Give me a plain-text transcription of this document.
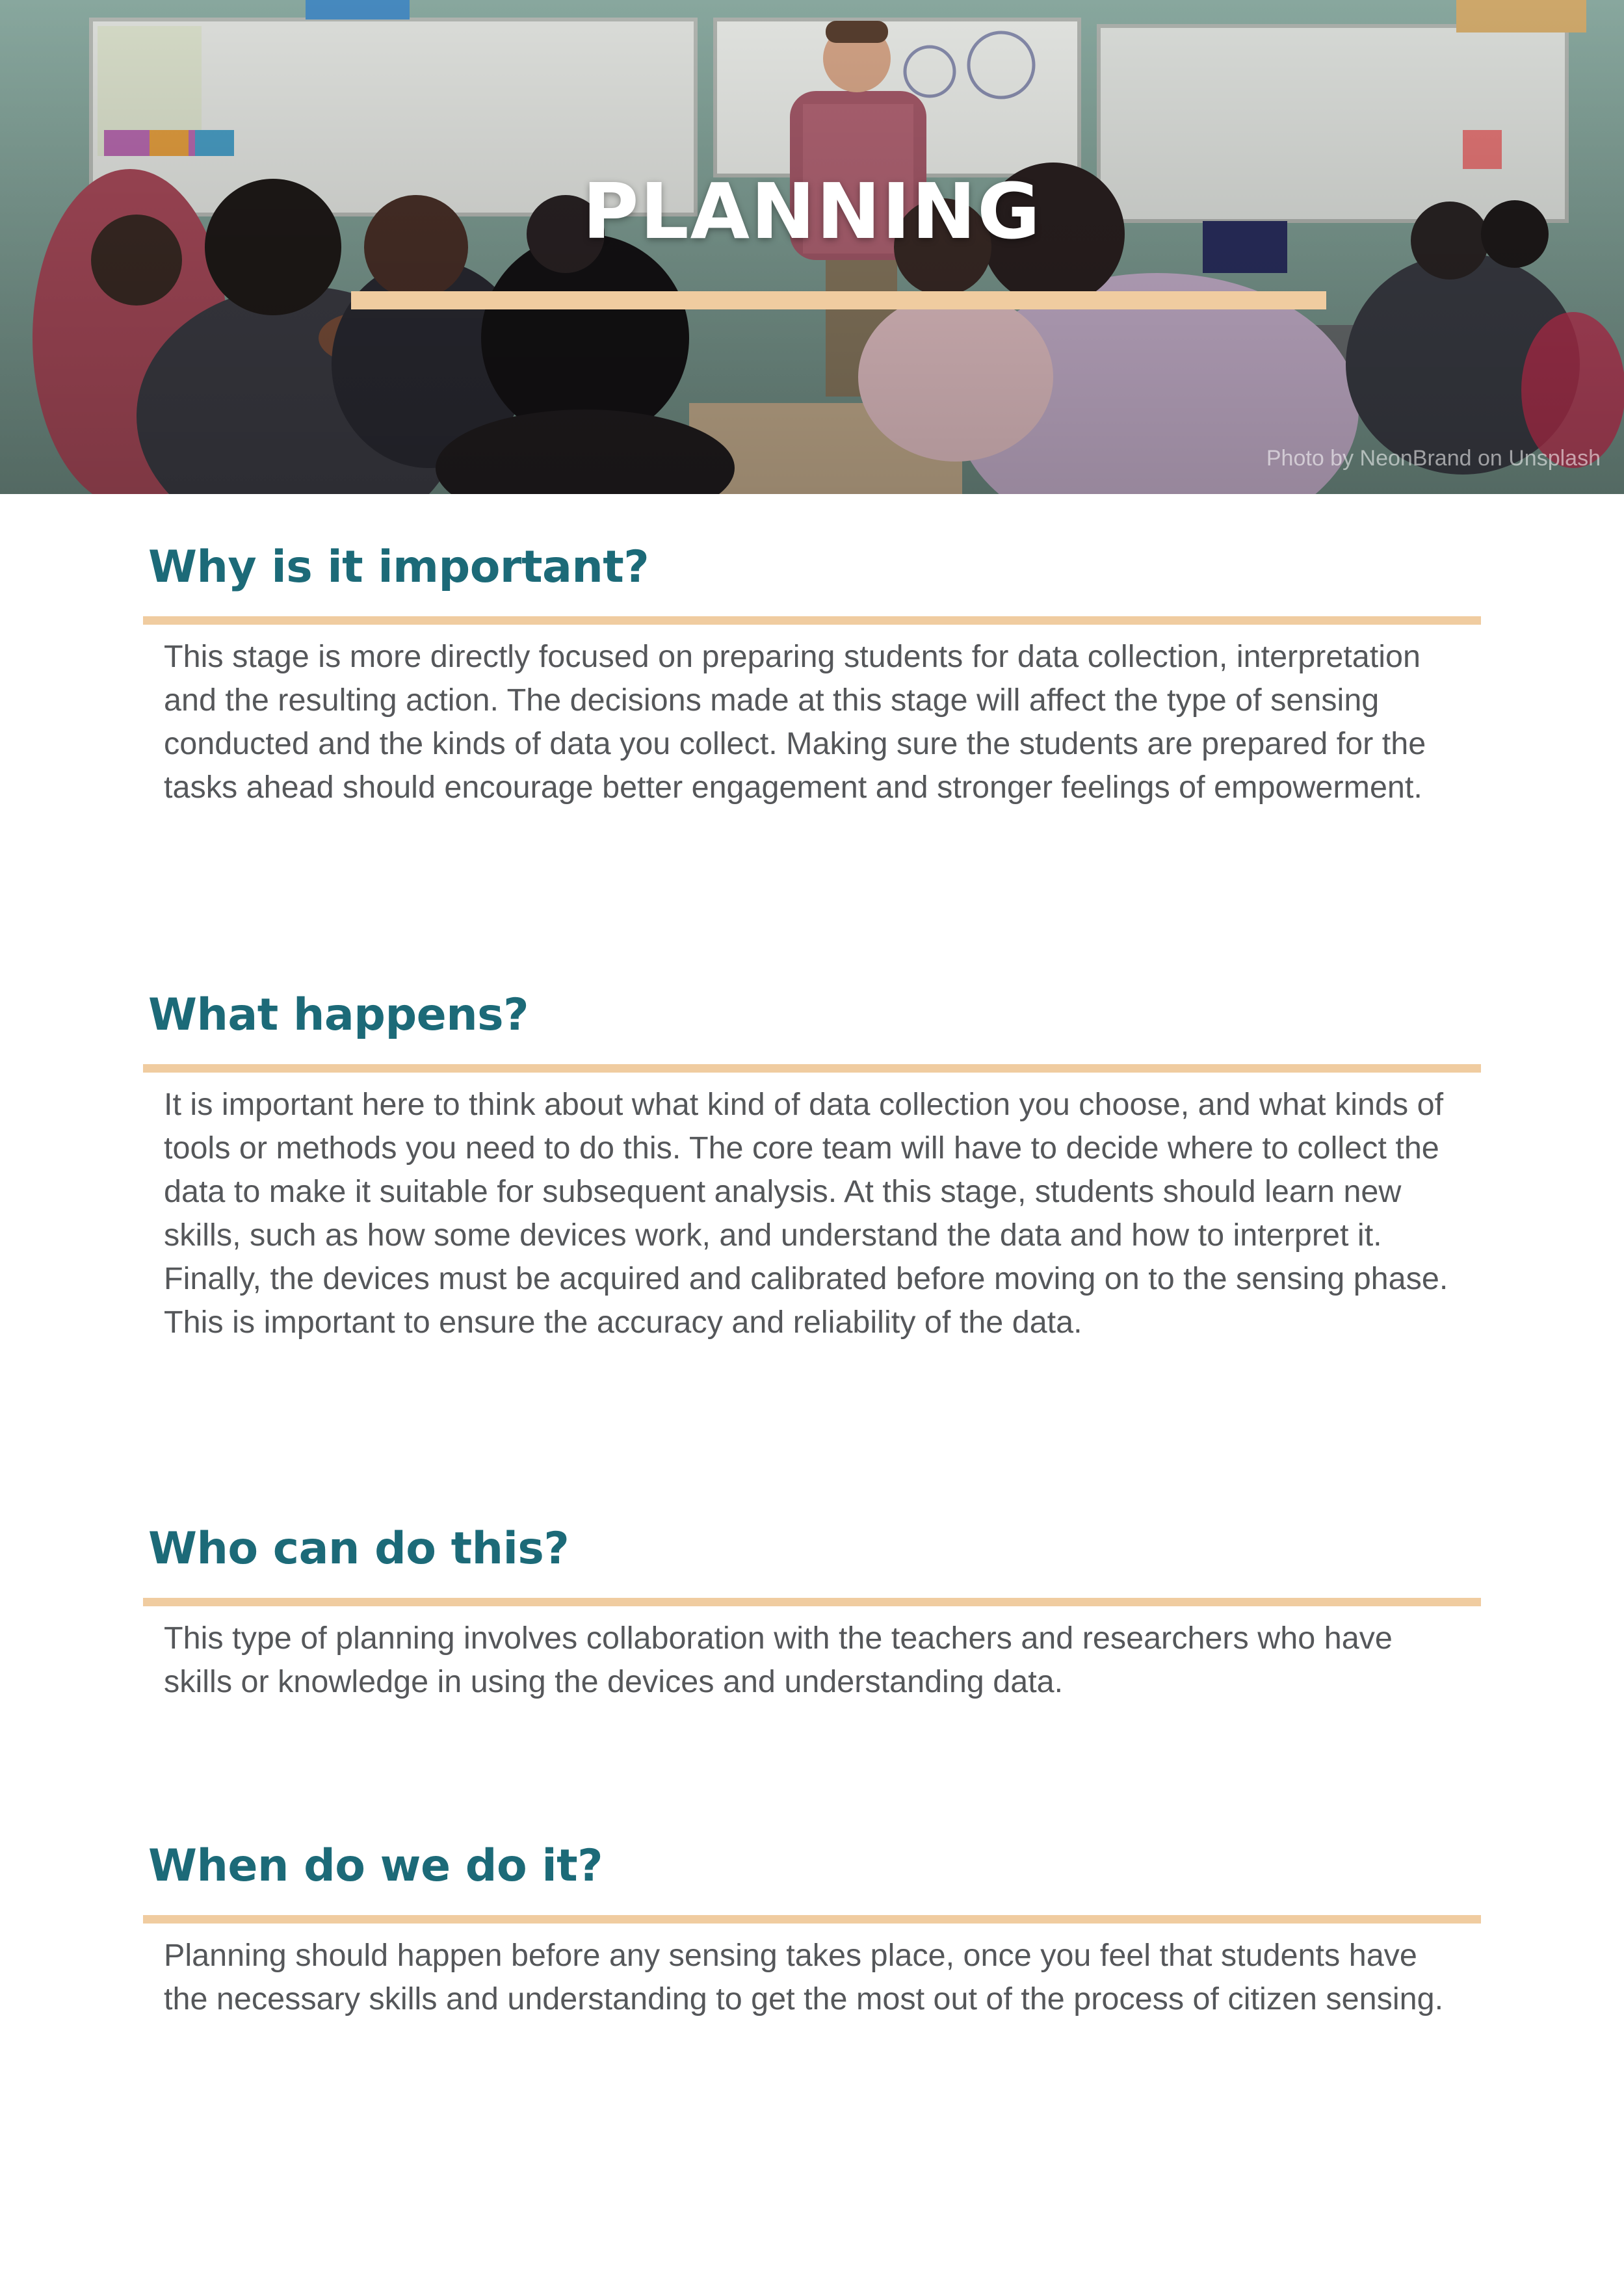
PLANNING
Photo by NeonBrand on Unsplash
Why is it important?

This stage is more directly focused on preparing students for data collection, interpretation and the resulting action. The decisions made at this stage will affect the type of sensing conducted and the kinds of data you collect. Making sure the students are prepared for the tasks ahead should encourage better engagement and stronger feelings of empowerment.

What happens?

It is important here to think about what kind of data collection you choose, and what kinds of tools or methods you need to do this. The core team will have to decide where to collect the data to make it suitable for subsequent analysis. At this stage, students should learn new skills, such as how some devices work, and understand the data and how to interpret it. Finally, the devices must be acquired and calibrated before moving on to the sensing phase. This is important to ensure the accuracy and reliability of the data.

Who can do this?

This type of planning involves collaboration with the teachers and researchers who have skills or knowledge in using the devices and understanding data.

When do we do it?

Planning should happen before any sensing takes place, once you feel that students have the necessary skills and understanding to get the most out of the process of citizen sensing.
